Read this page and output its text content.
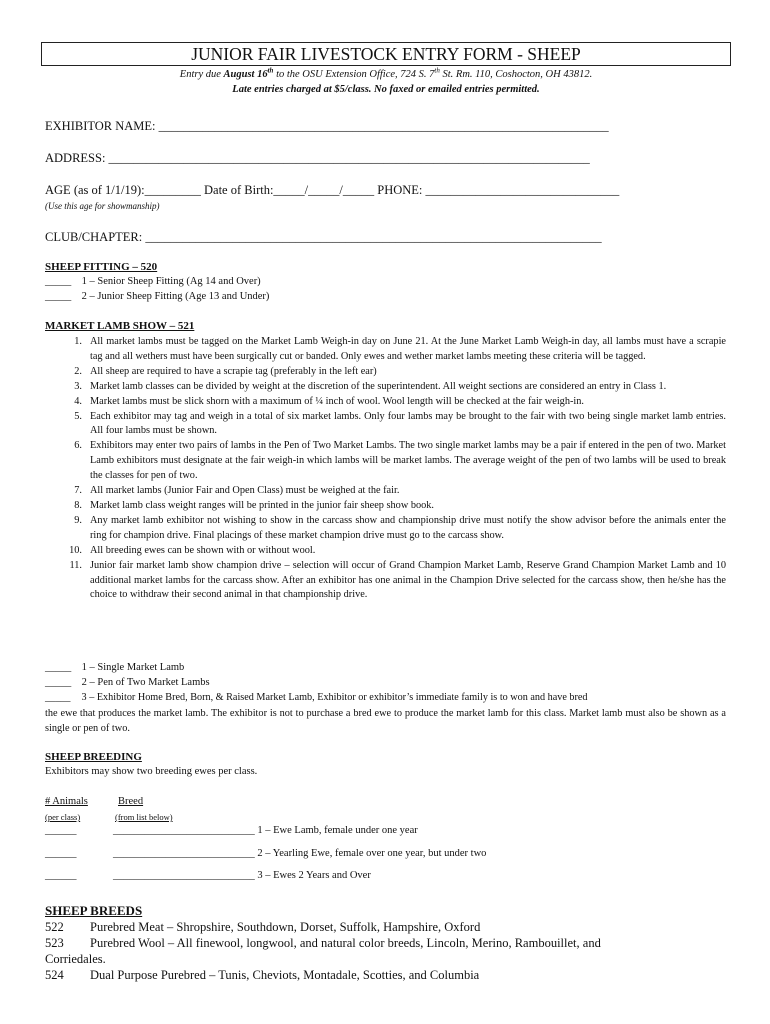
JUNIOR FAIR LIVESTOCK ENTRY FORM - SHEEP
Entry due August 16th to the OSU Extension Office, 724 S. 7th St. Rm. 110, Coshocton, OH 43812.
Late entries charged at $5/class. No faxed or emailed entries permitted.
EXHIBITOR NAME: ________________________________________________________________________
ADDRESS: _____________________________________________________________________________
AGE (as of 1/1/19):_________ Date of Birth:_____/_____/_____ PHONE: _______________________________
(Use this age for showmanship)
CLUB/CHAPTER: _________________________________________________________________________
SHEEP FITTING – 520
_____ 1 – Senior Sheep Fitting (Ag 14 and Over)
_____ 2 – Junior Sheep Fitting (Age 13 and Under)
MARKET LAMB SHOW – 521
1. All market lambs must be tagged on the Market Lamb Weigh-in day on June 21. At the June Market Lamb Weigh-in day, all lambs must have a scrapie tag and all wethers must have been surgically cut or banded. Only ewes and wether market lambs meeting these criteria will be tagged.
2. All sheep are required to have a scrapie tag (preferably in the left ear)
3. Market lamb classes can be divided by weight at the discretion of the superintendent. All weight sections are considered an entry in Class 1.
4. Market lambs must be slick shorn with a maximum of ¼ inch of wool. Wool length will be checked at the fair weigh-in.
5. Each exhibitor may tag and weigh in a total of six market lambs. Only four lambs may be brought to the fair with two being single market lamb entries. All four lambs must be shown.
6. Exhibitors may enter two pairs of lambs in the Pen of Two Market Lambs. The two single market lambs may be a pair if entered in the pen of two. Market Lamb exhibitors must designate at the fair weigh-in which lambs will be market lambs. The average weight of the pen of two lambs will be used to break the classes for pen of two.
7. All market lambs (Junior Fair and Open Class) must be weighed at the fair.
8. Market lamb class weight ranges will be printed in the junior fair sheep show book.
9. Any market lamb exhibitor not wishing to show in the carcass show and championship drive must notify the show advisor before the animals enter the ring for champion drive. Final placings of these market champion drive must go to the carcass show.
10. All breeding ewes can be shown with or without wool.
11. Junior fair market lamb show champion drive – selection will occur of Grand Champion Market Lamb, Reserve Grand Champion Market Lamb and 10 additional market lambs for the carcass show. After an exhibitor has one animal in the Champion Drive selected for the carcass show, then he/she has the choice to withdraw their second animal in that championship drive.
_____ 1 – Single Market Lamb
_____ 2 – Pen of Two Market Lambs
_____ 3 – Exhibitor Home Bred, Born, & Raised Market Lamb, Exhibitor or exhibitor’s immediate family is to won and have bred
the ewe that produces the market lamb. The exhibitor is not to purchase a bred ewe to produce the market lamb for this class. Market lamb must also be shown as a single or pen of two.
SHEEP BREEDING
Exhibitors may show two breeding ewes per class.
# Animals	Breed
(per class)	(from list below)
______	___________________________ 1 – Ewe Lamb, female under one year
______	___________________________ 2 – Yearling Ewe, female over one year, but under two
______	___________________________ 3 – Ewes 2 Years and Over
SHEEP BREEDS
522 Purebred Meat – Shropshire, Southdown, Dorset, Suffolk, Hampshire, Oxford
523 Purebred Wool – All finewool, longwool, and natural color breeds, Lincoln, Merino, Rambouillet, and
Corriedales.
524 Dual Purpose Purebred – Tunis, Cheviots, Montadale, Scotties, and Columbia
